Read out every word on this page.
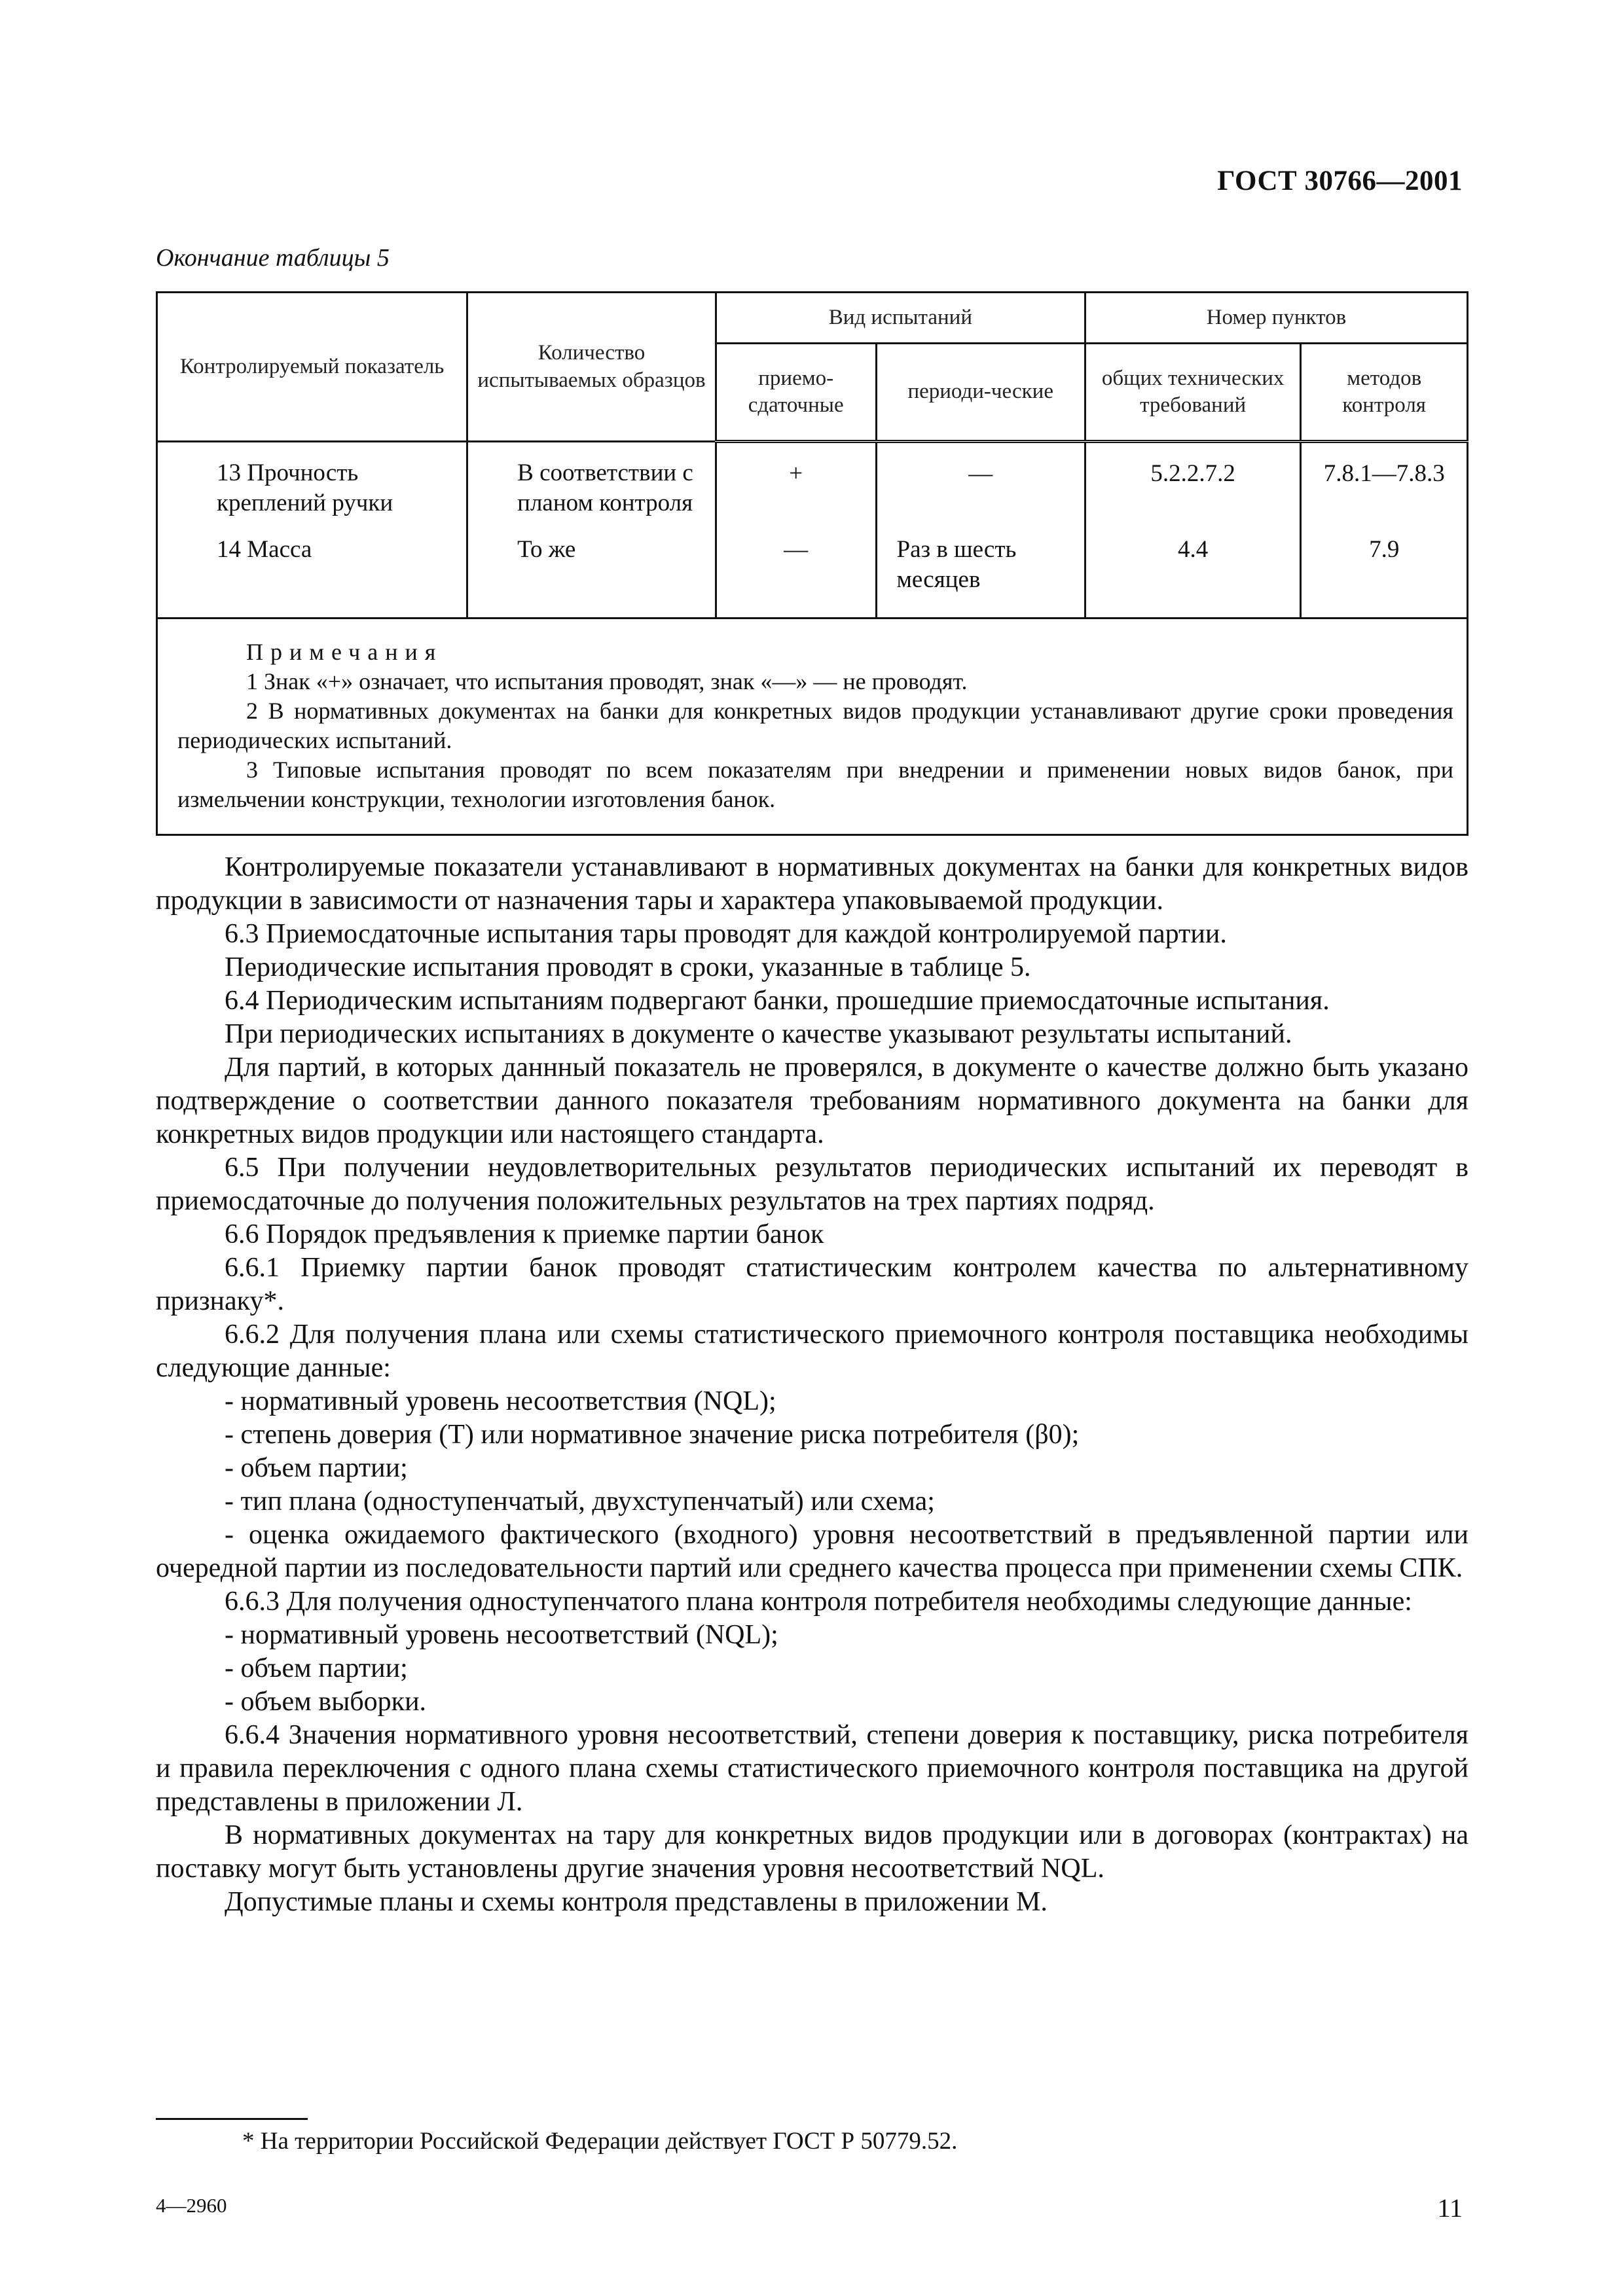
ГОСТ 30766—2001
Окончание таблицы 5
Контролируемый показатель	Количество испытываемых образцов	Вид испытаний		Номер пунктов	
		приемо-сдаточные	периоди-ческие	общих технических требований	методов контроля
13 Прочность креплений ручки	В соответствии с планом контроля	+	—	5.2.2.7.2	7.8.1—7.8.3
14 Масса	То же	—	Раз в шесть месяцев	4.4	7.9

Примечания
1 Знак «+» означает, что испытания проводят, знак «—» — не проводят.
2 В нормативных документах на банки для конкретных видов продукции устанавливают другие сроки проведения периодических испытаний.
3 Типовые испытания проводят по всем показателям при внедрении и применении новых видов банок, при измельчении конструкции, технологии изготовления банок.					

Контролируемые показатели устанавливают в нормативных документах на банки для конкретных видов продукции в зависимости от назначения тары и характера упаковываемой продукции.

6.3 Приемосдаточные испытания тары проводят для каждой контролируемой партии.

Периодические испытания проводят в сроки, указанные в таблице 5.

6.4 Периодическим испытаниям подвергают банки, прошедшие приемосдаточные испытания.

При периодических испытаниях в документе о качестве указывают результаты испытаний.

Для партий, в которых даннный показатель не проверялся, в документе о качестве должно быть указано подтверждение о соответствии данного показателя требованиям нормативного документа на банки для конкретных видов продукции или настоящего стандарта.

6.5 При получении неудовлетворительных результатов периодических испытаний их переводят в приемосдаточные до получения положительных результатов на трех партиях подряд.

6.6 Порядок предъявления к приемке партии банок

6.6.1 Приемку партии банок проводят статистическим контролем качества по альтернативному признаку*.

6.6.2 Для получения плана или схемы статистического приемочного контроля поставщика необходимы следующие данные:

- нормативный уровень несоответствия (NQL);

- степень доверия (Т) или нормативное значение риска потребителя (β0);

- объем партии;

- тип плана (одноступенчатый, двухступенчатый) или схема;

- оценка ожидаемого фактического (входного) уровня несоответствий в предъявленной партии или очередной партии из последовательности партий или среднего качества процесса при применении схемы СПК.

6.6.3 Для получения одноступенчатого плана контроля потребителя необходимы следующие данные:

- нормативный уровень несоответствий (NQL);

- объем партии;

- объем выборки.

6.6.4 Значения нормативного уровня несоответствий, степени доверия к поставщику, риска потребителя и правила переключения с одного плана схемы статистического приемочного контроля поставщика на другой представлены в приложении Л.

В нормативных документах на тару для конкретных видов продукции или в договорах (контрактах) на поставку могут быть установлены другие значения уровня несоответствий NQL.

Допустимые планы и схемы контроля представлены в приложении М.

* На территории Российской Федерации действует ГОСТ Р 50779.52.
4—2960	11
